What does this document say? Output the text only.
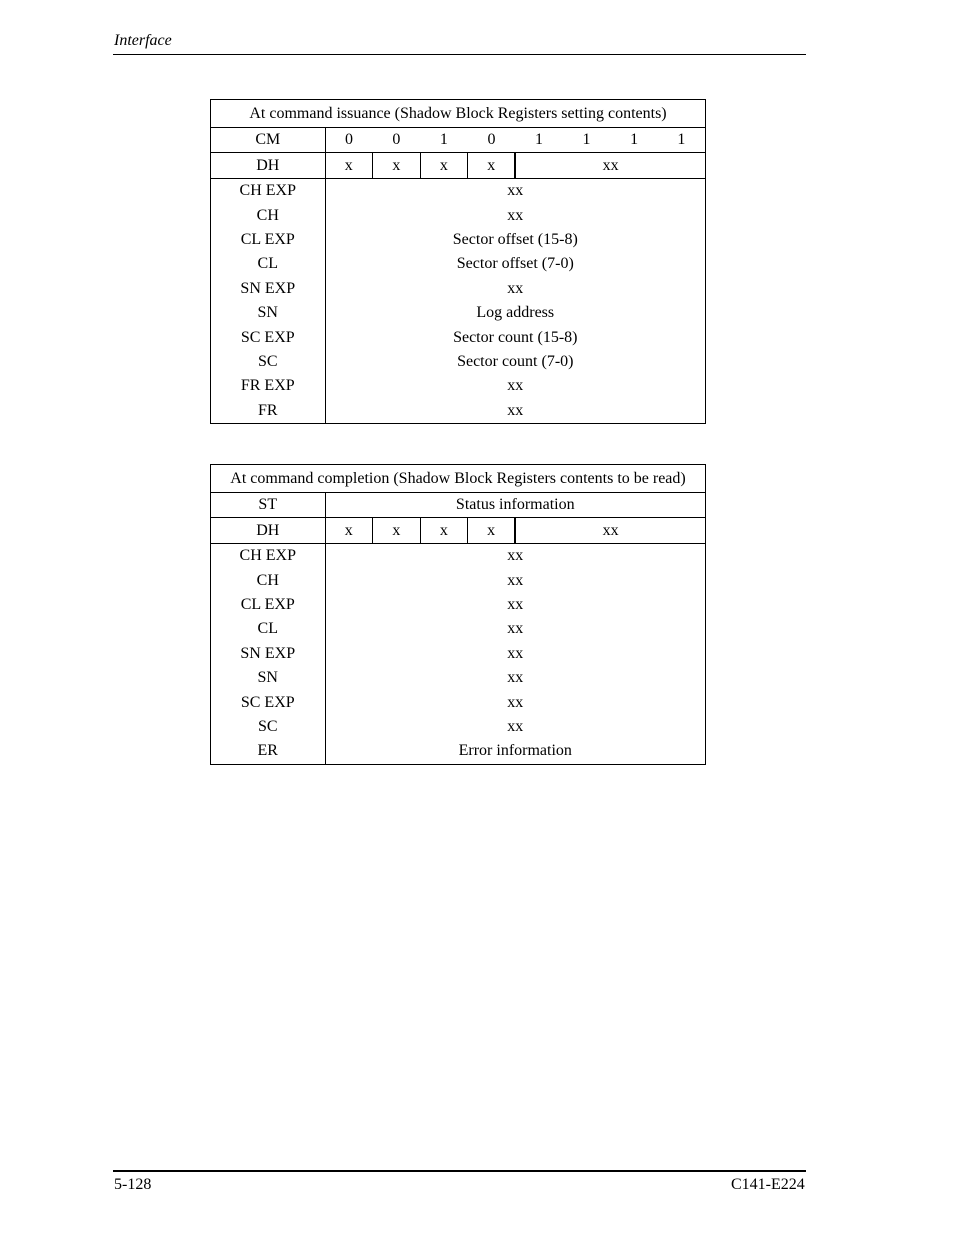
Interface
At command issuance (Shadow Block Registers setting contents)								
CM	0	0	1	0	1	1	1	1
DH	x	x	x	x	xx			
CH EXP	xx							
CH	xx							
CL EXP	Sector offset (15-8)							
CL	Sector offset (7-0)							
SN EXP	xx							
SN	Log address							
SC EXP	Sector count (15-8)							
SC	Sector count (7-0)							
FR EXP	xx							
FR	xx							
At command completion (Shadow Block Registers contents to be read)					
ST	Status information				
DH	x	x	x	x	xx
CH EXP	xx				
CH	xx				
CL EXP	xx				
CL	xx				
SN EXP	xx				
SN	xx				
SC EXP	xx				
SC	xx				
ER	Error information				
5-128	C141-E224
